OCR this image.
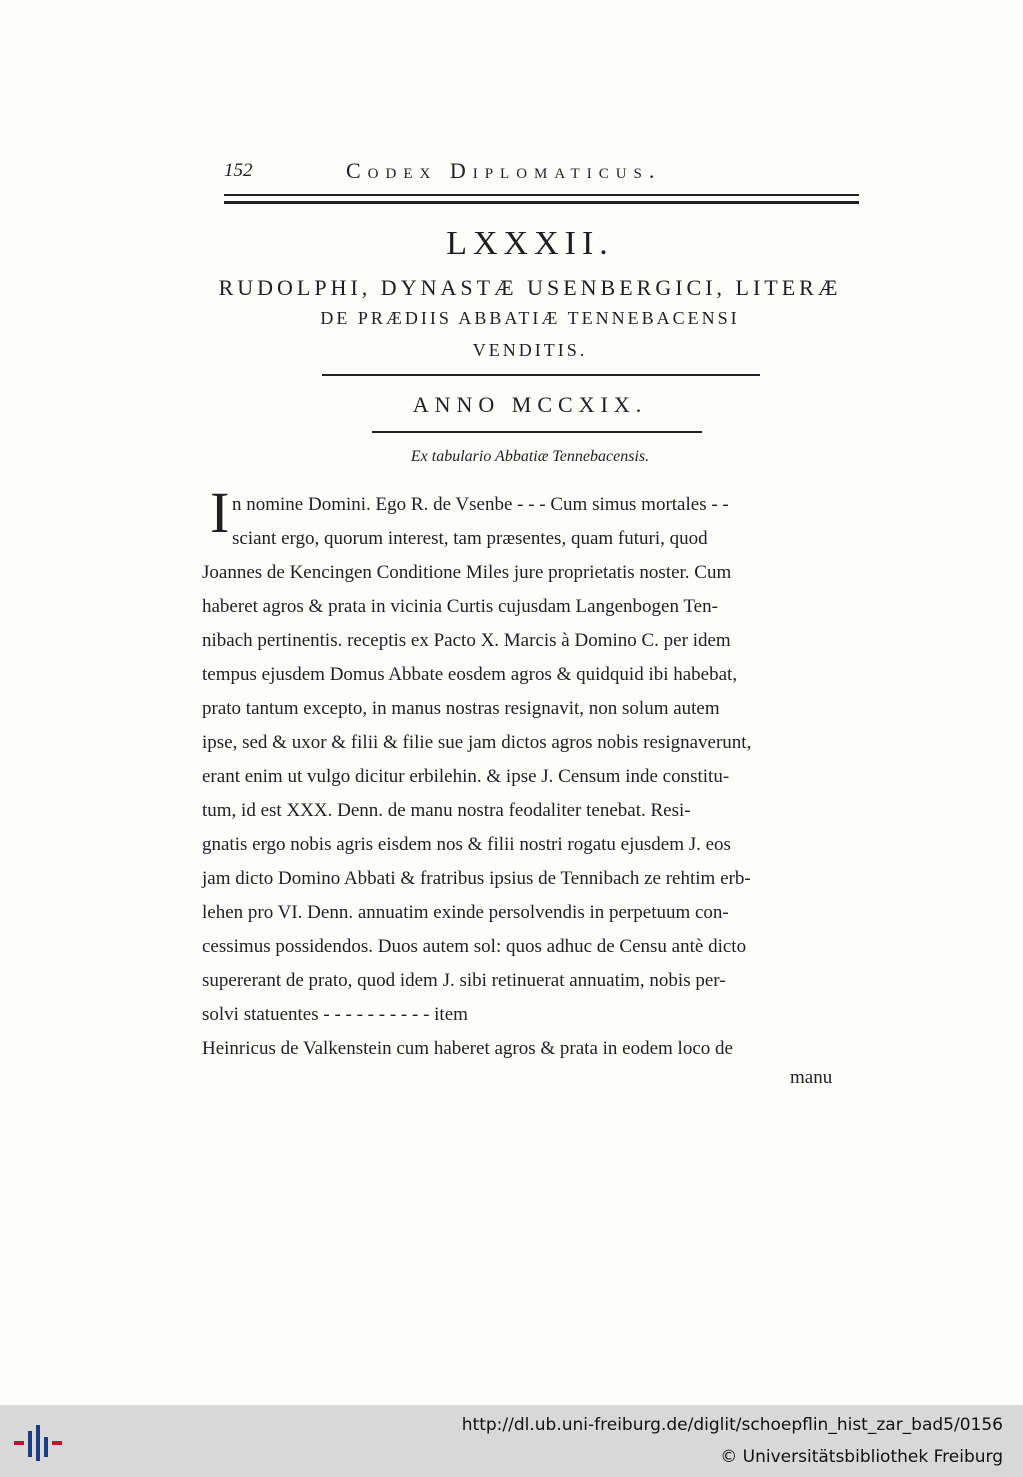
152	Codex Diplomaticus.
LXXXII.
RUDOLPHI, DYNASTÆ USENBERGICI, LITERÆ
DE PRÆDIIS ABBATIÆ TENNEBACENSI
VENDITIS.
ANNO MCCXIX.
Ex tabulario Abbatiæ Tennebacensis.
I n nomine Domini. Ego R. de Vsenbe - - - Cum simus mortales - -
sciant ergo, quorum interest, tam præsentes, quam futuri, quod
Joannes de Kencingen Conditione Miles jure proprietatis noster. Cum
haberet agros & prata in vicinia Curtis cujusdam Langenbogen Ten-
nibach pertinentis. receptis ex Pacto X. Marcis à Domino C. per idem
tempus ejusdem Domus Abbate eosdem agros & quidquid ibi habebat,
prato tantum excepto, in manus nostras resignavit, non solum autem
ipse, sed & uxor & filii & filie sue jam dictos agros nobis resignaverunt,
erant enim ut vulgo dicitur erbilehin. & ipse J. Censum inde constitu-
tum, id est XXX. Denn. de manu nostra feodaliter tenebat. Resi-
gnatis ergo nobis agris eisdem nos & filii nostri rogatu ejusdem J. eos
jam dicto Domino Abbati & fratribus ipsius de Tennibach ze rehtim erb-
lehen pro VI. Denn. annuatim exinde persolvendis in perpetuum con-
cessimus possidendos. Duos autem sol: quos adhuc de Censu antè dicto
supererant de prato, quod idem J. sibi retinuerat annuatim, nobis per-
solvi statuentes - - - - - - - - - - item
Heinricus de Valkenstein cum haberet agros & prata in eodem loco de
manu
http://dl.ub.uni-freiburg.de/diglit/schoepflin_hist_zar_bad5/0156
© Universitätsbibliothek Freiburg
